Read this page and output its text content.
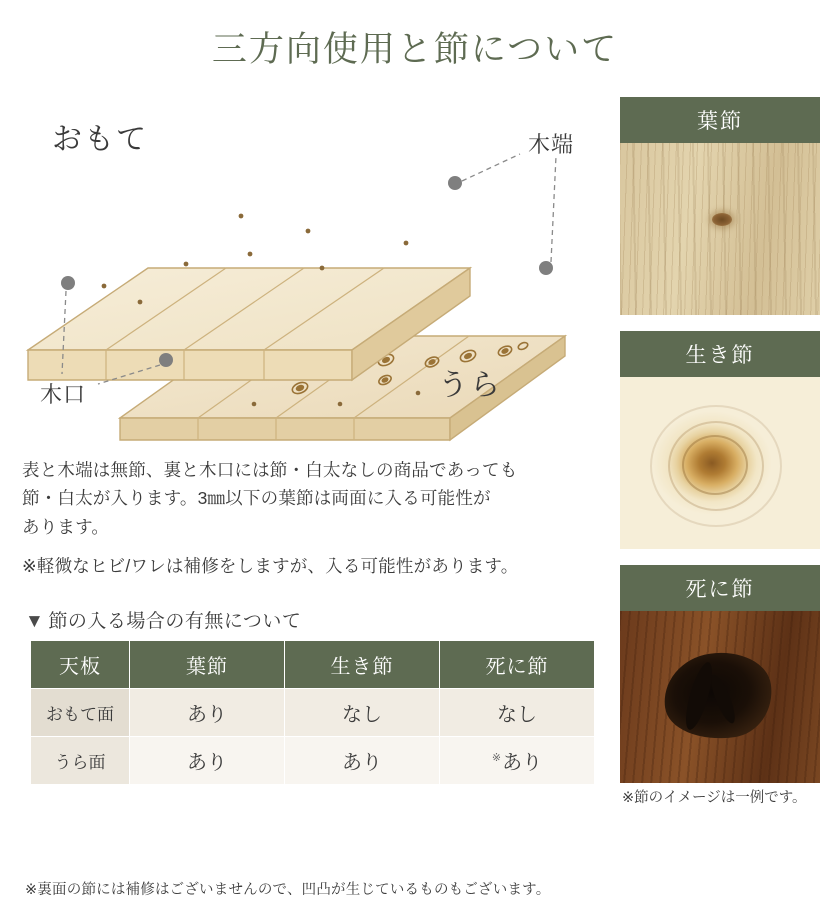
三方向使用と節について
おもて
うら
木端
木口

表と木端は無節、裏と木口には節・白太なしの商品であっても

節・白太が入ります。3㎜以下の葉節は両面に入る可能性が

あります。

※軽微なヒビ/ワレは補修をしますが、入る可能性があります。

▼ 節の入る場合の有無について
天板	葉節	生き節	死に節
おもて面	あり	なし	なし
うら面	あり	あり	※あり
※裏面の節には補修はございませんので、凹凸が生じているものもございます。
葉節
生き節
死に節
※節のイメージは一例です。
